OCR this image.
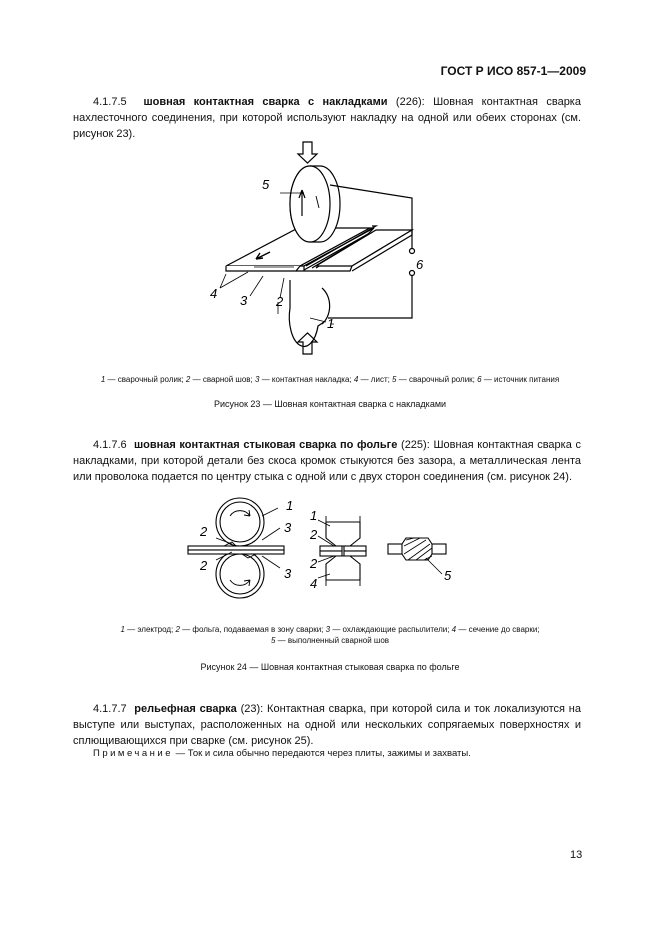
ГОСТ Р ИСО 857-1—2009
4.1.7.5 шовная контактная сварка с накладками (226): Шовная контактная сварка нахлесточного соединения, при которой используют накладку на одной или обеих сторонах (см. рисунок 23).
5
6
4 3 2
1
1 — сварочный ролик; 2 — сварной шов; 3 — контактная накладка; 4 — лист; 5 — сварочный ролик; 6 — источник питания
Рисунок 23 — Шовная контактная сварка с накладками
4.1.7.6 шовная контактная стыковая сварка по фольге (225): Шовная контактная сварка с накладками, при которой детали без скоса кромок стыкуются без зазора, а металлическая лента или проволока подается по центру стыка с одной или с двух сторон соединения (см. рисунок 24).
1
2
2
3
3
1
2
2
4
5
1 — электрод; 2 — фольга, подаваемая в зону сварки; 3 — охлаждающие распылители; 4 — сечение до сварки;
5 — выполненный сварной шов
Рисунок 24 — Шовная контактная стыковая сварка по фольге
4.1.7.7 рельефная сварка (23): Контактная сварка, при которой сила и ток локализуются на выступе или выступах, расположенных на одной или нескольких сопрягаемых поверхностях и сплющивающихся при сварке (см. рисунок 25).
Примечание — Ток и сила обычно передаются через плиты, зажимы и захваты.
13
